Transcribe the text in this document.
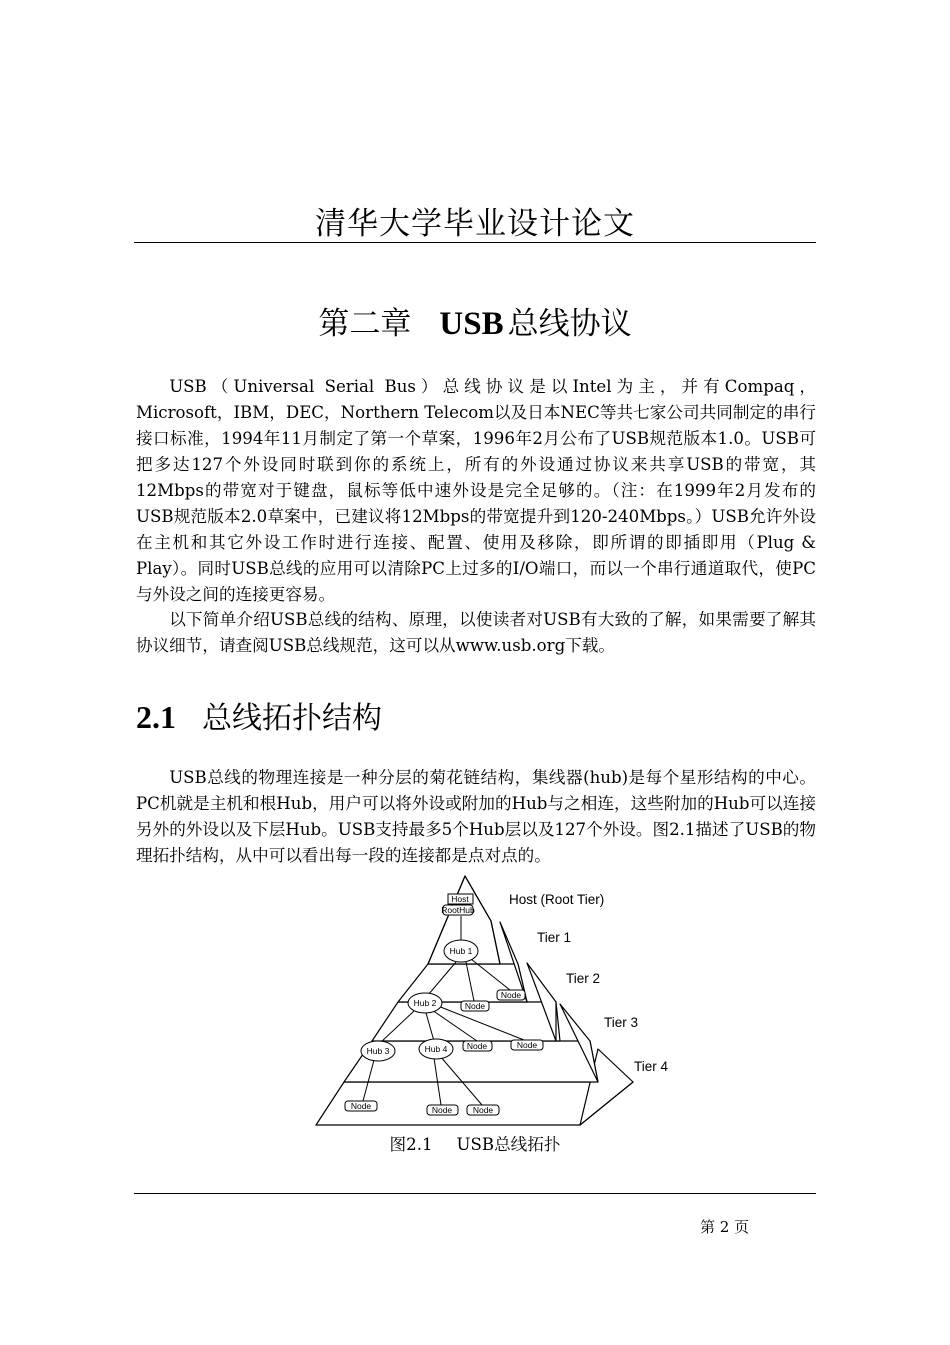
清华大学毕业设计论文
第二章 USB 总线协议

USB（Universal Serial Bus）总线协议是以Intel为主，并有Compaq，Microsoft，IBM，DEC，Northern Telecom以及日本NEC等共七家公司共同制定的串行接口标准，1994年11月制定了第一个草案，1996年2月公布了USB规范版本1.0。USB可把多达127个外设同时联到你的系统上，所有的外设通过协议来共享USB的带宽，其12Mbps的带宽对于键盘，鼠标等低中速外设是完全足够的。（注：在1999年2月发布的USB规范版本2.0草案中，已建议将12Mbps的带宽提升到120-240Mbps。）USB允许外设在主机和其它外设工作时进行连接、配置、使用及移除，即所谓的即插即用（Plug & Play）。同时USB总线的应用可以清除PC上过多的I/O端口，而以一个串行通道取代，使PC与外设之间的连接更容易。

以下简单介绍USB总线的结构、原理，以使读者对USB有大致的了解，如果需要了解其协议细节，请查阅USB总线规范，这可以从www.usb.org下载。

2.1 总线拓扑结构

USB总线的物理连接是一种分层的菊花链结构，集线器(hub)是每个星形结构的中心。PC机就是主机和根Hub，用户可以将外设或附加的Hub与之相连，这些附加的Hub可以连接另外的外设以及下层Hub。USB支持最多5个Hub层以及127个外设。图2.1描述了USB的物理拓扑结构，从中可以看出每一段的连接都是点对点的。

Host
RootHub
Hub 1
Hub 2
Hub 3	Hub 4
Node
Node
Node	Node
Node	Node Node
Host (Root Tier)
Tier 1
Tier 2
Tier 3
Tier 4
图2.1 USB总线拓扑
第 2 页
